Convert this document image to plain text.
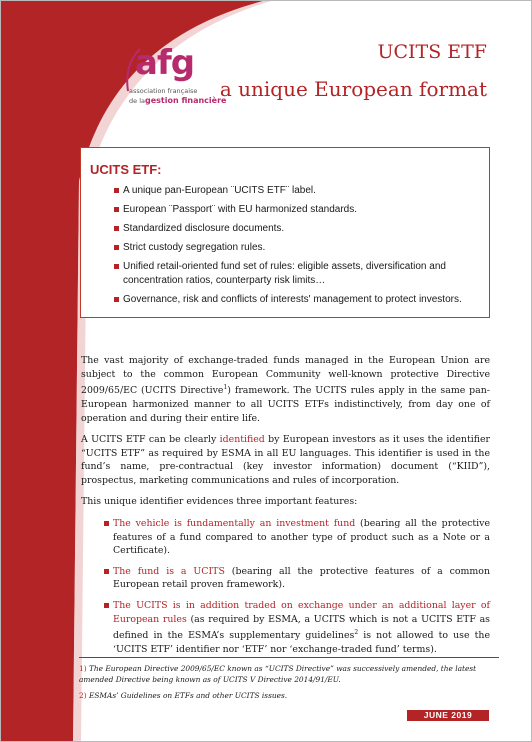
afg
association française
de lagestion financière
UCITS ETF
a unique European format
UCITS ETF:
A unique pan-European ¨UCITS ETF¨ label.
European ¨Passport¨ with EU harmonized standards.
Standardized disclosure documents.
Strict custody segregation rules.
Unified retail-oriented fund set of rules: eligible assets, diversification and concentration ratios, counterparty risk limits…
Governance, risk and conflicts of interests' management to protect investors.

The vast majority of exchange-traded funds managed in the European Union are subject to the common European Community well-known protective Directive 2009/65/EC (UCITS Directive$^1$) framework. The UCITS rules apply in the same pan-European harmonized manner to all UCITS ETFs indistinctively, from day one of operation and during their entire life.

A UCITS ETF can be clearly identified by European investors as it uses the identifier “UCITS ETF” as required by ESMA in all EU languages. This identifier is used in the fund’s name, pre-contractual (key investor information) document (“KIID”), prospectus, marketing communications and rules of incorporation.

This unique identifier evidences three important features:

The vehicle is fundamentally an investment fund (bearing all the protective features of a fund compared to another type of product such as a Note or a Certificate).
The fund is a UCITS (bearing all the protective features of a common European retail proven framework).
The UCITS is in addition traded on exchange under an additional layer of European rules (as required by ESMA, a UCITS which is not a UCITS ETF as defined in the ESMA’s supplementary guidelines$^2$ is not allowed to use the ‘UCITS ETF’ identifier nor ‘ETF’ nor ‘exchange-traded fund’ terms).

1) The European Directive 2009/65/EC known as “UCITS Directive” was successively amended, the latest amended Directive being known as of UCITS V Directive 2014/91/EU.

2) ESMAs’ Guidelines on ETFs and other UCITS issues.

JUNE 2019
